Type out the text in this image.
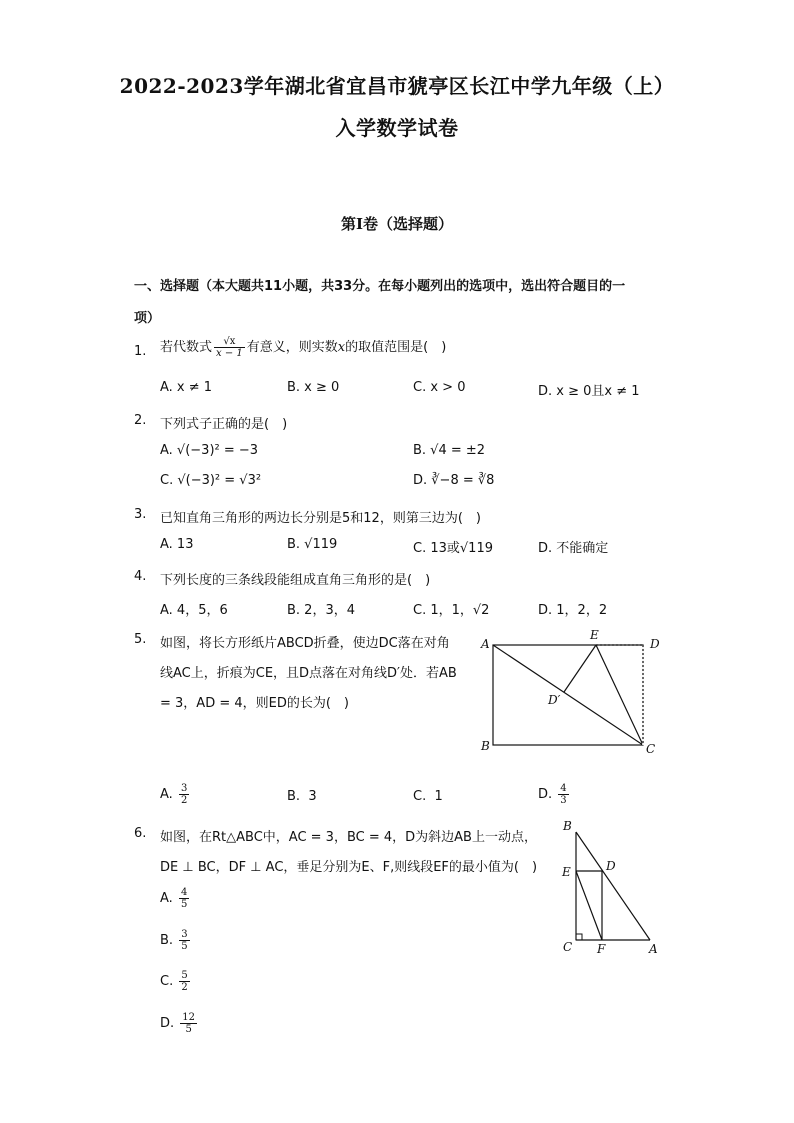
2022-2023学年湖北省宜昌市猇亭区长江中学九年级（上）
入学数学试卷
第I卷（选择题）
一、选择题（本大题共11小题，共33分。在每小题列出的选项中，选出符合题目的一
项）
1. 若代数式 $\frac{√x}{x - 1}$ 有意义，则实数x的取值范围是(　)
A. x ≠ 1	B. x ≥ 0	C. x > 0	D. x ≥ 0且x ≠ 1
2. 下列式子正确的是(　)
A. √(−3)² = −3	B. √4 = ±2
C. √(−3)² = √3²	D. ∛−8 = ∛8
3. 已知直角三角形的两边长分别是5和12，则第三边为(　)
A. 13	B. √119	C. 13或√119	D. 不能确定
4. 下列长度的三条线段能组成直角三角形的是(　)
A. 4，5，6	B. 2，3，4	C. 1，1，√2	D. 1，2，2
5. 如图，将长方形纸片ABCD折叠，使边DC落在对角
线AC上，折痕为CE，且D点落在对角线D′处．若AB
= 3，AD = 4，则ED的长为(　)
A
B	C
D
E
D′
A. $\frac{3}{2}$	B. 3	C. 1	D. $\frac{4}{3}$
6. 如图，在Rt△ABC中，AC = 3，BC = 4，D为斜边AB上一动点，
DE ⊥ BC，DF ⊥ AC，垂足分别为E、F,则线段EF的最小值为(　)
B
E	D
C F	A
A. $\frac{4}{5}$
B. $\frac{3}{5}$
C. $\frac{5}{2}$
D. $\frac{12}{5}$
